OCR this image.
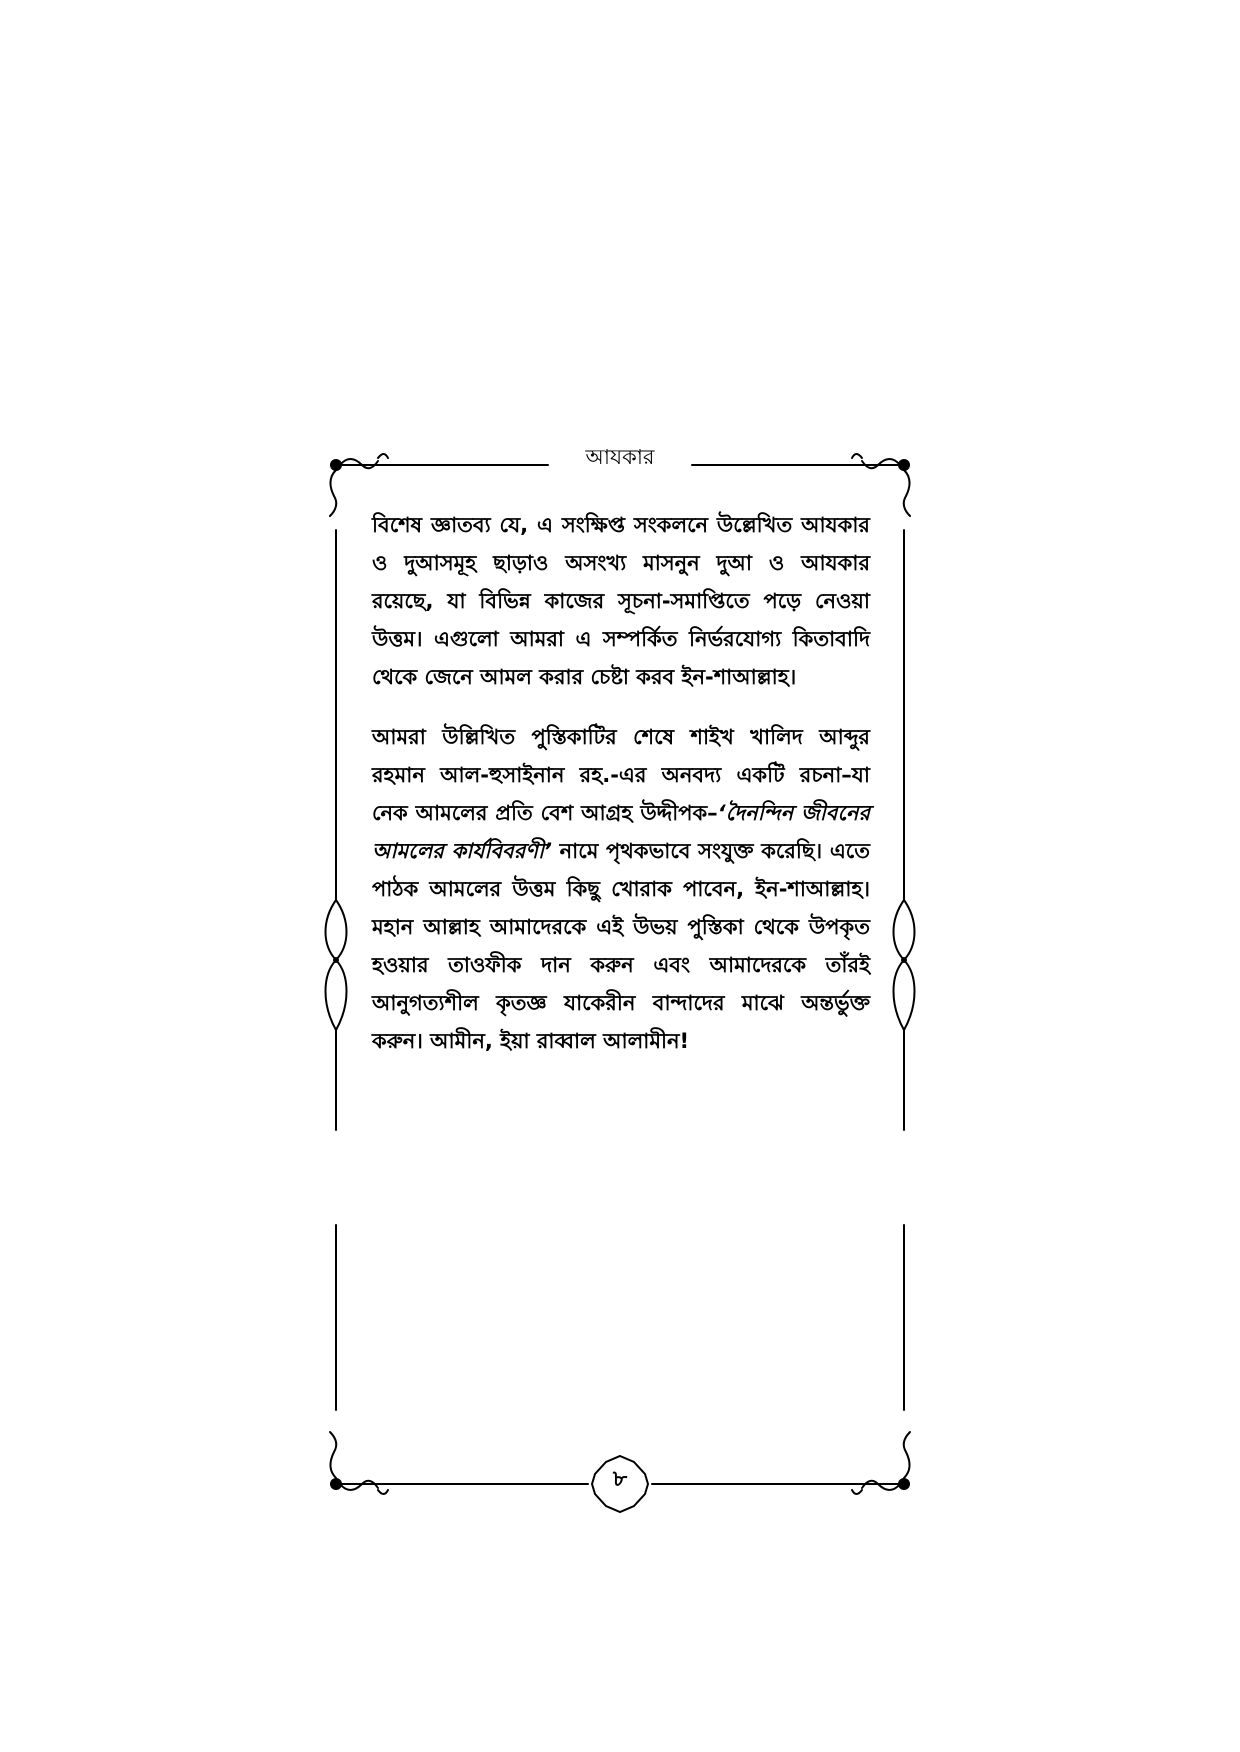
আযকার

বিশেষ জ্ঞাতব্য যে, এ সংক্ষিপ্ত সংকলনে উল্লেখিত আযকার ও দুআসমূহ ছাড়াও অসংখ্য মাসনুন দুআ ও আযকার রয়েছে, যা বিভিন্ন কাজের সূচনা-সমাপ্তিতে পড়ে নেওয়া উত্তম। এগুলো আমরা এ সম্পর্কিত নির্ভরযোগ্য কিতাবাদি থেকে জেনে আমল করার চেষ্টা করব ইন-শাআল্লাহ।

আমরা উল্লিখিত পুস্তিকাটির শেষে শাইখ খালিদ আব্দুর রহমান আল-হুসাইনান রহ.-এর অনবদ্য একটি রচনা–যা নেক আমলের প্রতি বেশ আগ্রহ উদ্দীপক–‘দৈনন্দিন জীবনের আমলের কার্যবিবরণী’ নামে পৃথকভাবে সংযুক্ত করেছি। এতে পাঠক আমলের উত্তম কিছু খোরাক পাবেন, ইন-শাআল্লাহ। মহান আল্লাহ আমাদেরকে এই উভয় পুস্তিকা থেকে উপকৃত হওয়ার তাওফীক দান করুন এবং আমাদেরকে তাঁরই আনুগত্যশীল কৃতজ্ঞ যাকেরীন বান্দাদের মাঝে অন্তর্ভুক্ত করুন। আমীন, ইয়া রাব্বাল আলামীন!

৮
